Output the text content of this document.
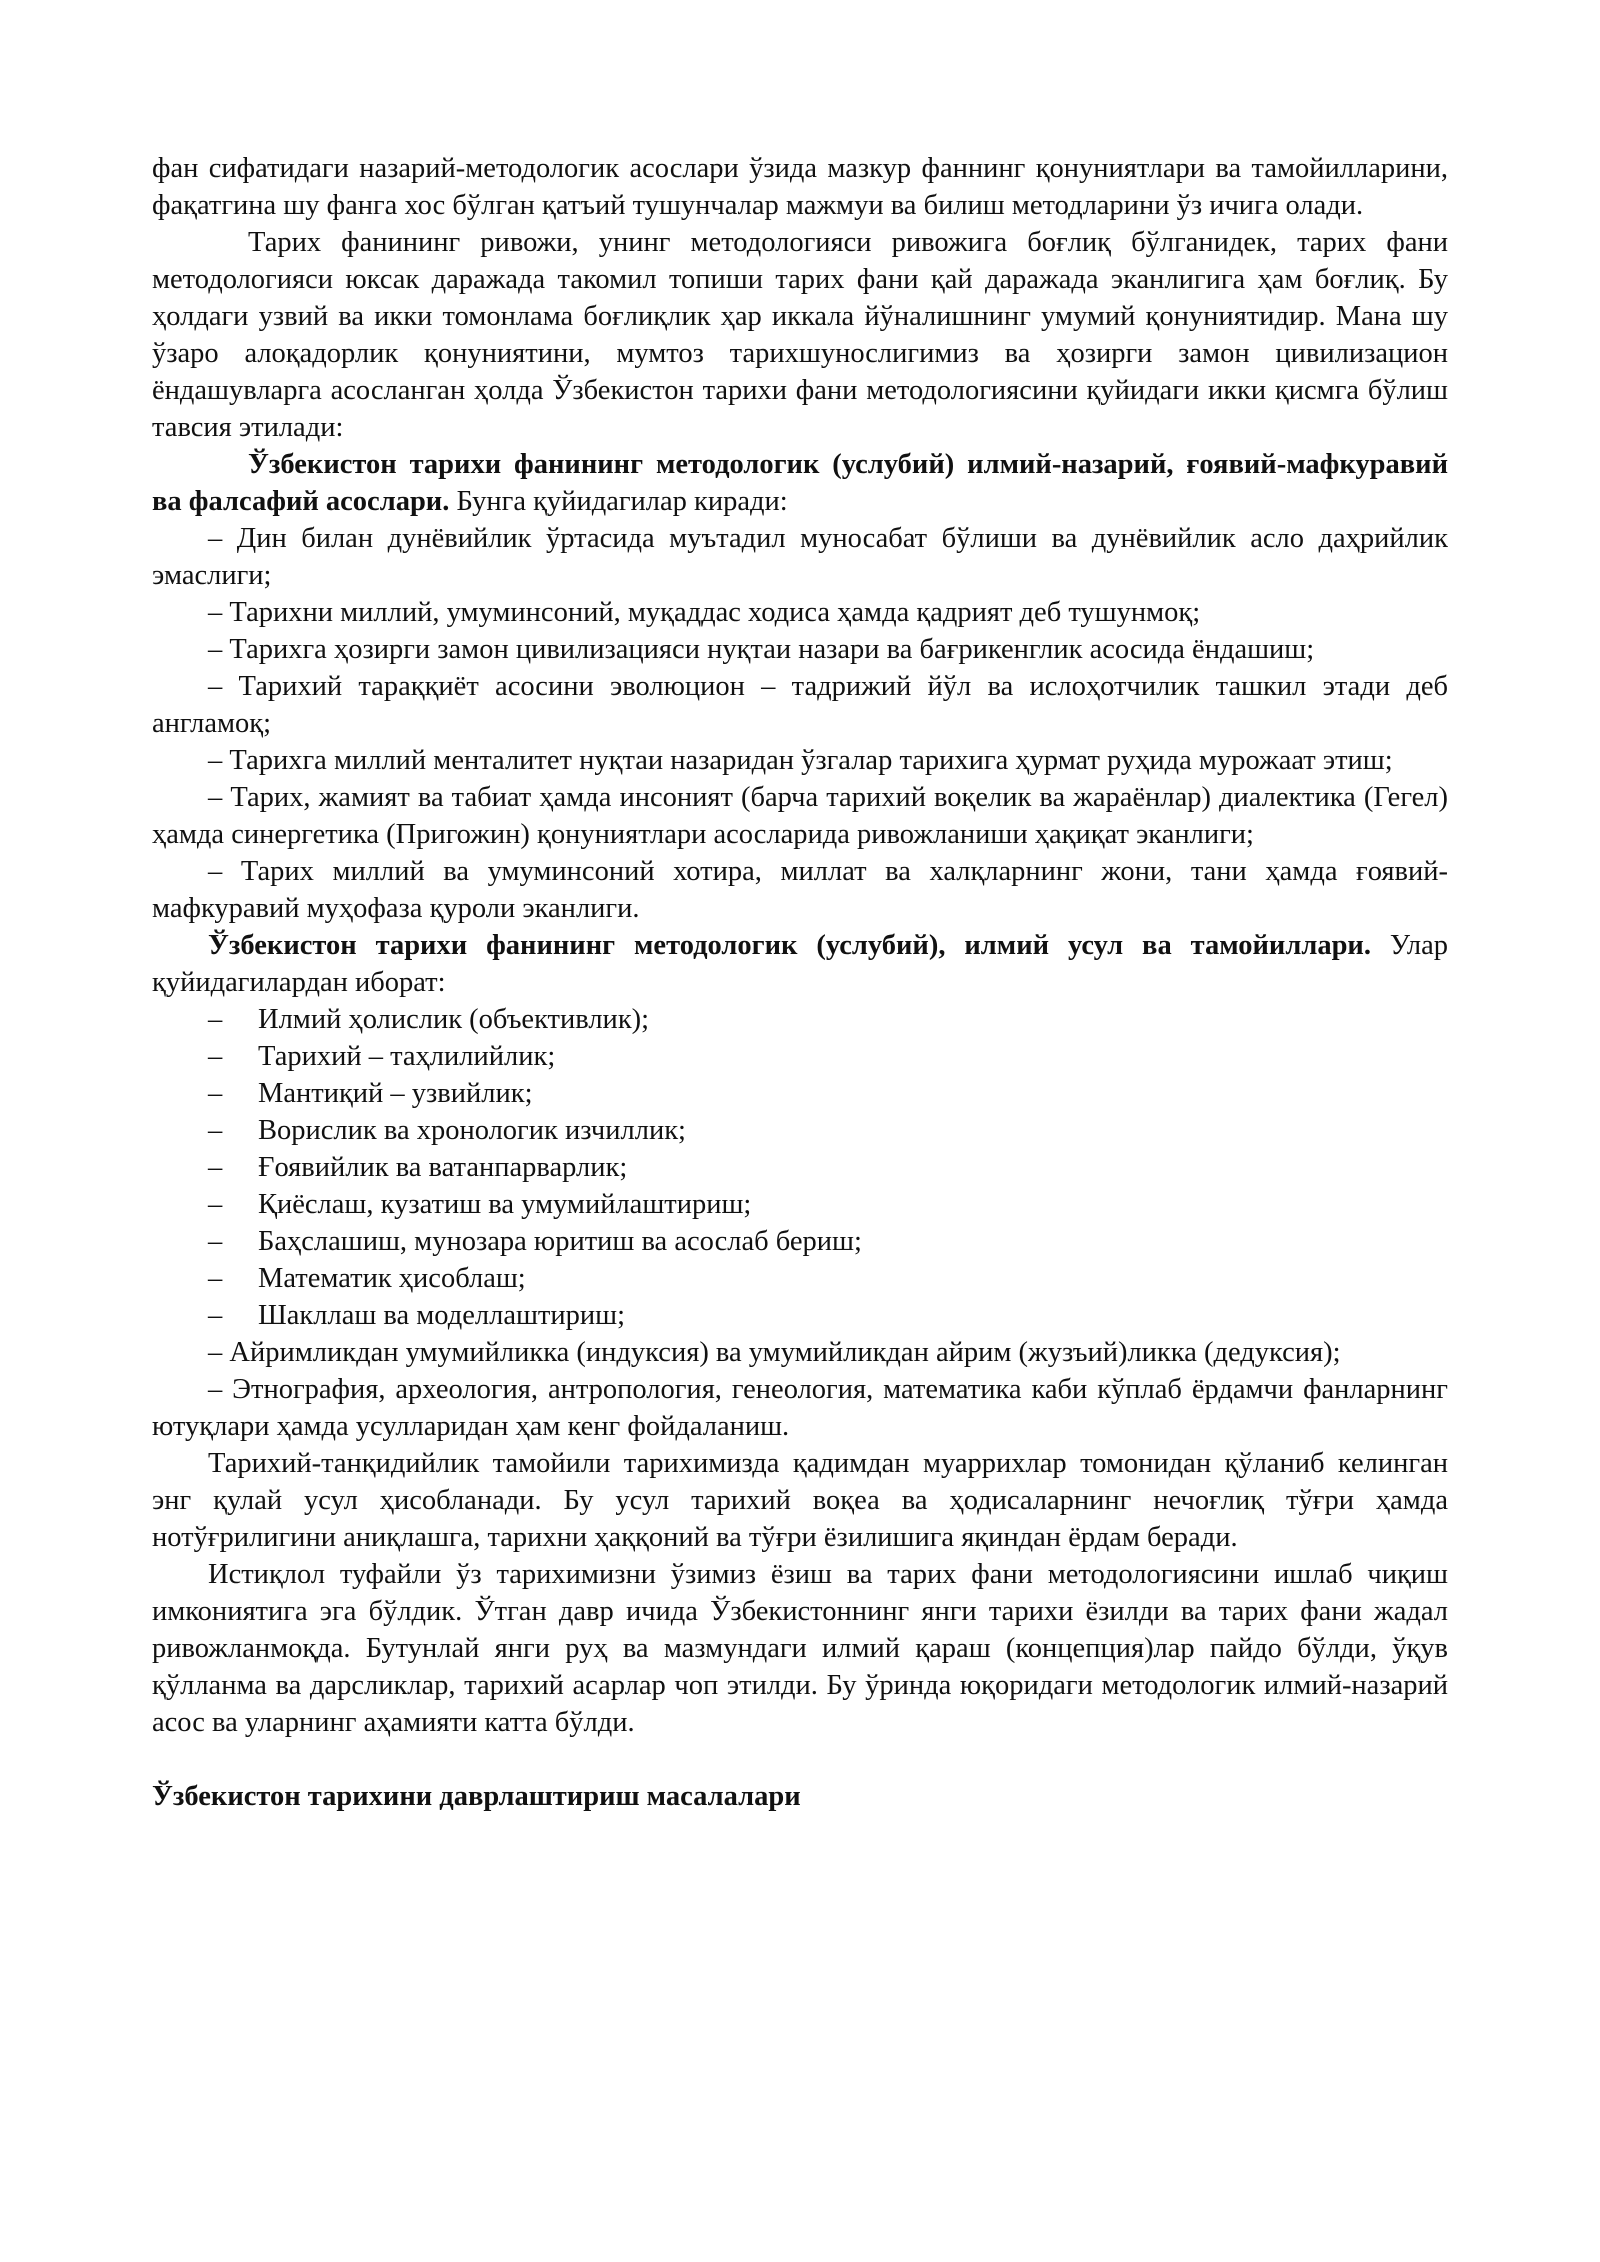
фан сифатидаги назарий-методологик асослари ўзида мазкур фаннинг қонуниятлари ва тамойилларини, фақатгина шу фанга хос бўлган қатъий тушунчалар мажмуи ва билиш методларини ўз ичига олади.

Тарих фанининг ривожи, унинг методологияси ривожига боғлиқ бўлганидек, тарих фани методологияси юксак даражада такомил топиши тарих фани қай даражада эканлигига ҳам боғлиқ. Бу ҳолдаги узвий ва икки томонлама боғлиқлик ҳар иккала йўналишнинг умумий қонуниятидир. Мана шу ўзаро алоқадорлик қонуниятини, мумтоз тарихшунослигимиз ва ҳозирги замон цивилизацион ёндашувларга асосланган ҳолда Ўзбекистон тарихи фани методологиясини қуйидаги икки қисмга бўлиш тавсия этилади:

Ўзбекистон тарихи фанининг методологик (услубий) илмий-назарий, ғоявий-мафкуравий ва фалсафий асослари. Бунга қуйидагилар киради:

– Дин билан дунёвийлик ўртасида муътадил муносабат бўлиши ва дунёвийлик асло даҳрийлик эмаслиги;

– Тарихни миллий, умуминсоний, муқаддас ходиса ҳамда қадрият деб тушунмоқ;

– Тарихга ҳозирги замон цивилизацияси нуқтаи назари ва бағрикенглик асосида ёндашиш;

– Тарихий тараққиёт асосини эволюцион – тадрижий йўл ва ислоҳотчилик ташкил этади деб англамоқ;

– Тарихга миллий менталитет нуқтаи назаридан ўзгалар тарихига ҳурмат руҳида мурожаат этиш;

– Тарих, жамият ва табиат ҳамда инсоният (барча тарихий воқелик ва жараёнлар) диалектика (Гегел) ҳамда синергетика (Пригожин) қонуниятлари асосларида ривожланиши ҳақиқат эканлиги;

– Тарих миллий ва умуминсоний хотира, миллат ва халқларнинг жони, тани ҳамда ғоявий-мафкуравий муҳофаза қуроли эканлиги.

Ўзбекистон тарихи фанининг методологик (услубий), илмий усул ва тамойиллари. Улар қуйидагилардан иборат:

– Илмий ҳолислик (объективлик);

– Тарихий – таҳлилийлик;

– Мантиқий – узвийлик;

– Ворислик ва хронологик изчиллик;

– Ғоявийлик ва ватанпарварлик;

– Қиёслаш, кузатиш ва умумийлаштириш;

– Баҳслашиш, мунозара юритиш ва асослаб бериш;

– Математик ҳисоблаш;

– Шакллаш ва моделлаштириш;

– Айримликдан умумийликка (индуксия) ва умумийликдан айрим (жузъий)ликка (дедуксия);

– Этнография, археология, антропология, генеология, математика каби кўплаб ёрдамчи фанларнинг ютуқлари ҳамда усулларидан ҳам кенг фойдаланиш.

Тарихий-танқидийлик тамойили тарихимизда қадимдан муаррихлар томонидан қўланиб келинган энг қулай усул ҳисобланади. Бу усул тарихий воқеа ва ҳодисаларнинг нечоғлиқ тўғри ҳамда нотўғрилигини аниқлашга, тарихни ҳаққоний ва тўғри ёзилишига яқиндан ёрдам беради.

Истиқлол туфайли ўз тарихимизни ўзимиз ёзиш ва тарих фани методологиясини ишлаб чиқиш имкониятига эга бўлдик. Ўтган давр ичида Ўзбекистоннинг янги тарихи ёзилди ва тарих фани жадал ривожланмоқда. Бутунлай янги руҳ ва мазмундаги илмий қараш (концепция)лар пайдо бўлди, ўқув қўлланма ва дарсликлар, тарихий асарлар чоп этилди. Бу ўринда юқоридаги методологик илмий-назарий асос ва уларнинг аҳамияти катта бўлди.

Ўзбекистон тарихини даврлаштириш масалалари
